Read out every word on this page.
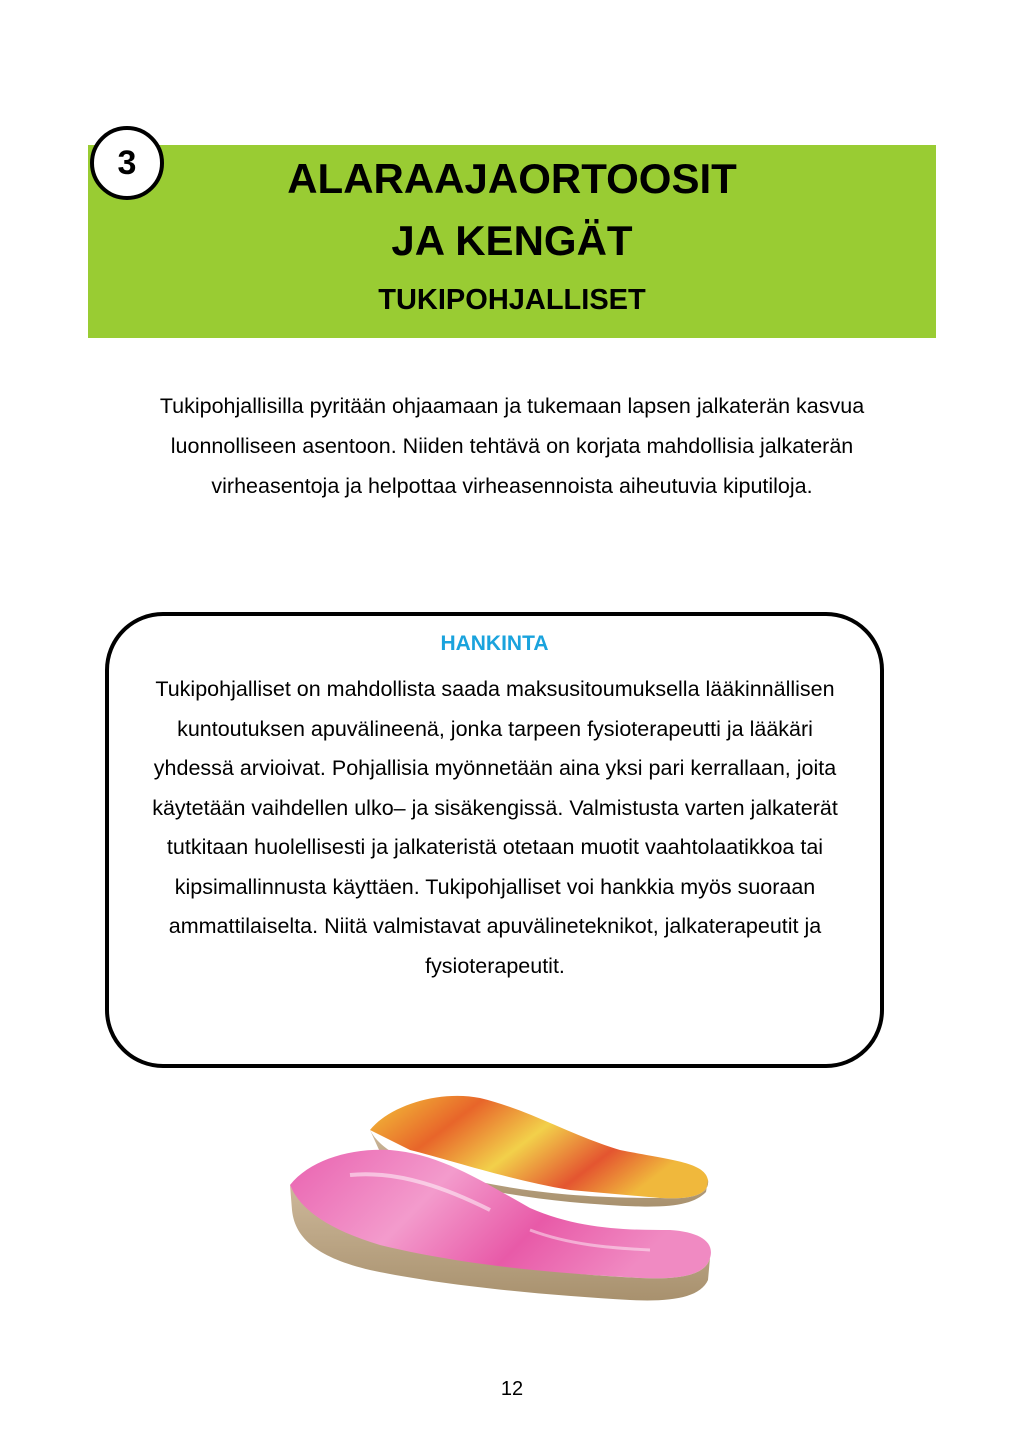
3	ALARAAJAORTOOSIT
JA KENGÄT
TUKIPOHJALLISET
Tukipohjallisilla pyritään ohjaamaan ja tukemaan lapsen jalkaterän kasvua luonnolliseen asentoon. Niiden tehtävä on korjata mahdollisia jalkaterän virheasentoja ja helpottaa virheasennoista aiheutuvia kiputiloja.
HANKINTA
Tukipohjalliset on mahdollista saada maksusitoumuksella lääkinnällisen kuntoutuksen apuvälineenä, jonka tarpeen fysioterapeutti ja lääkäri yhdessä arvioivat. Pohjallisia myönnetään aina yksi pari kerrallaan, joita käytetään vaihdellen ulko– ja sisäkengissä. Valmistusta varten jalkaterät tutkitaan huolellisesti ja jalkateristä otetaan muotit vaahtolaatikkoa tai kipsimallinnusta käyttäen. Tukipohjalliset voi hankkia myös suoraan ammattilaiselta. Niitä valmistavat apuvälineteknikot, jalkaterapeutit ja fysioterapeutit.
12
